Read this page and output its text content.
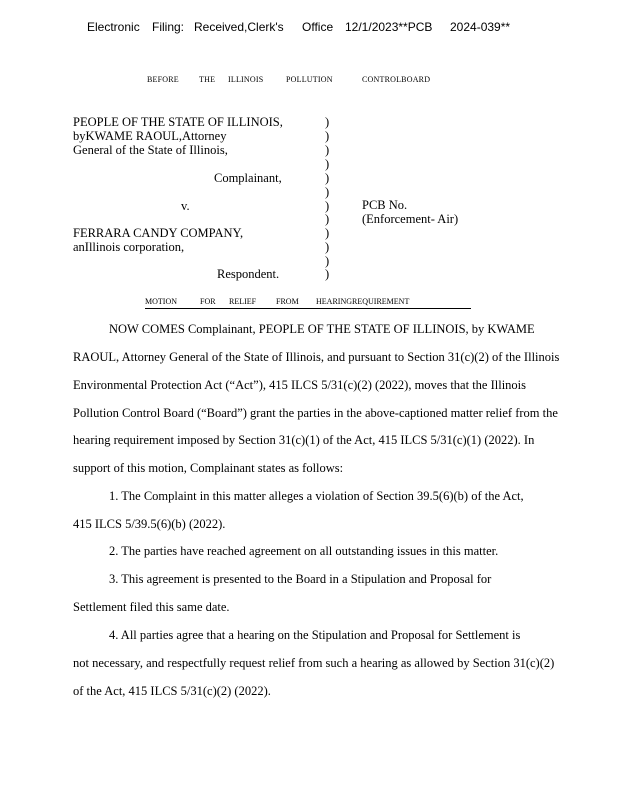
Electronic Filing: Received,Clerk's Office 12/1/2023**PCB 2024-039**
BEFORE	THE ILLINOIS	POLLUTION	CONTROLBOARD
PEOPLE OF THE STATE OF ILLINOIS,
byKWAME RAOUL,Attorney
General of the State of Illinois,
Complainant,
v.
FERRARA CANDY COMPANY,
anIllinois corporation,
Respondent.
)
)
)
)
)
)
)
)
)
)
)
)
PCB No.
(Enforcement- Air)
MOTION	FOR RELIEF FROM HEARINGREQUIREMENT
NOW COMES Complainant, PEOPLE OF THE STATE OF ILLINOIS, by KWAME
RAOUL, Attorney General of the State of Illinois, and pursuant to Section 31(c)(2) of the Illinois
Environmental Protection Act (“Act”), 415 ILCS 5/31(c)(2) (2022), moves that the Illinois
Pollution Control Board (“Board”) grant the parties in the above-captioned matter relief from the
hearing requirement imposed by Section 31(c)(1) of the Act, 415 ILCS 5/31(c)(1) (2022). In
support of this motion, Complainant states as follows:
1. The Complaint in this matter alleges a violation of Section 39.5(6)(b) of the Act,
415 ILCS 5/39.5(6)(b) (2022).
2. The parties have reached agreement on all outstanding issues in this matter.
3. This agreement is presented to the Board in a Stipulation and Proposal for
Settlement filed this same date.
4. All parties agree that a hearing on the Stipulation and Proposal for Settlement is
not necessary, and respectfully request relief from such a hearing as allowed by Section 31(c)(2)
of the Act, 415 ILCS 5/31(c)(2) (2022).
